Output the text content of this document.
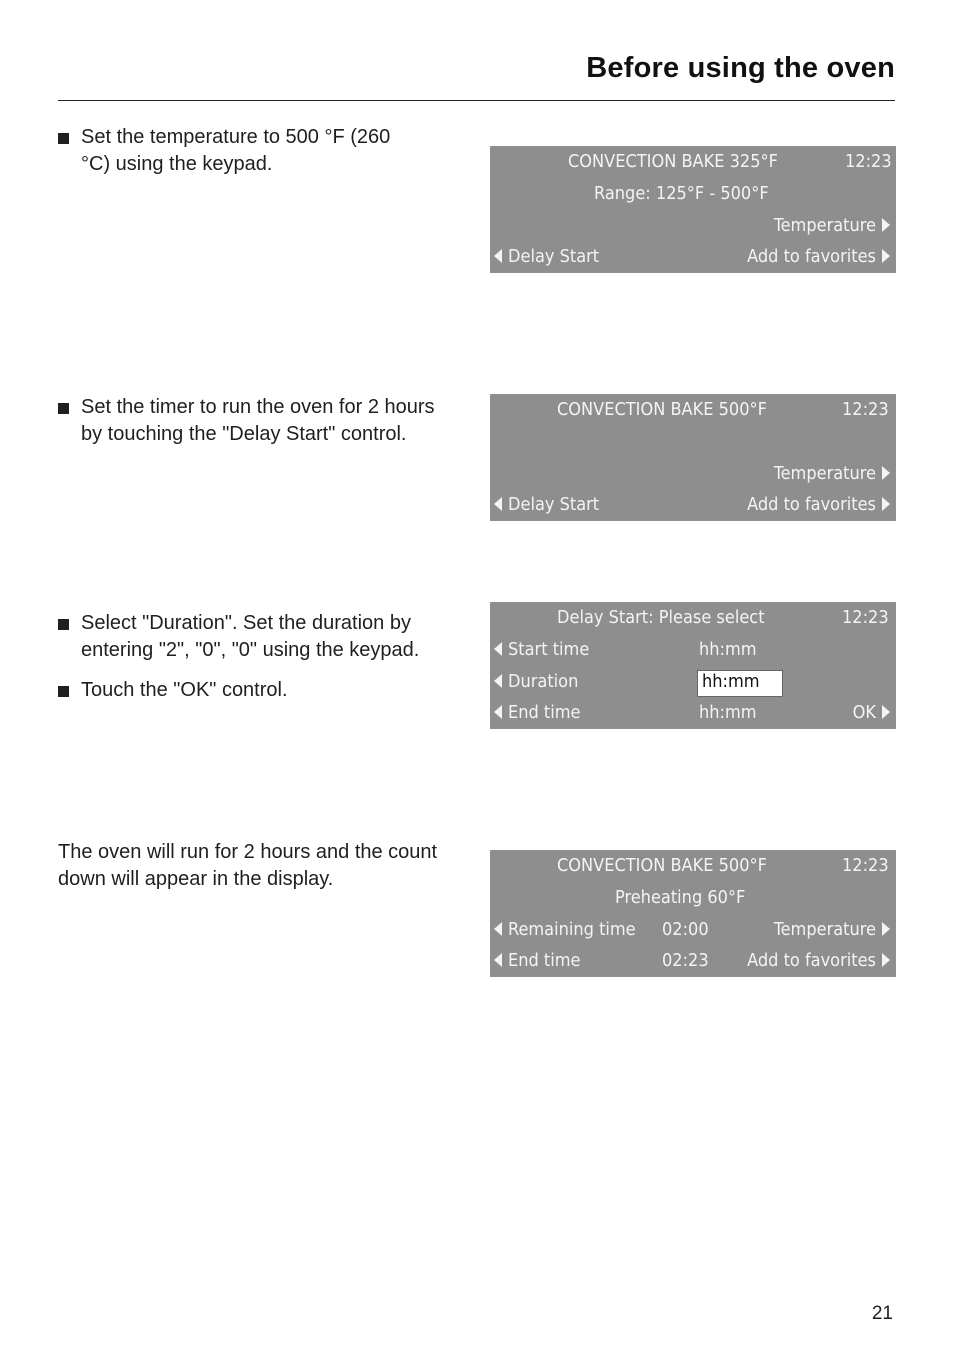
Before using the oven
Set the temperature to 500 °F (260 °C) using the keypad.	CONVECTION BAKE 325°F	12:23
Range: 125°F - 500°F
Temperature
Delay Start	Add to favorites
Set the timer to run the oven for 2 hours by touching the "Delay Start" control.
CONVECTION BAKE 500°F	12:23
Temperature
Delay Start	Add to favorites
Select "Duration". Set the duration by entering "2", "0", "0" using the keypad.
Touch the "OK" control.
Delay Start: Please select	12:23
Start time	hh:mm
Duration	hh:mm
End time	hh:mm	OK
The oven will run for 2 hours and the count down will appear in the display.
CONVECTION BAKE 500°F	12:23
Preheating 60°F
Remaining time 02:00	Temperature
End time	02:23 Add to favorites
21
